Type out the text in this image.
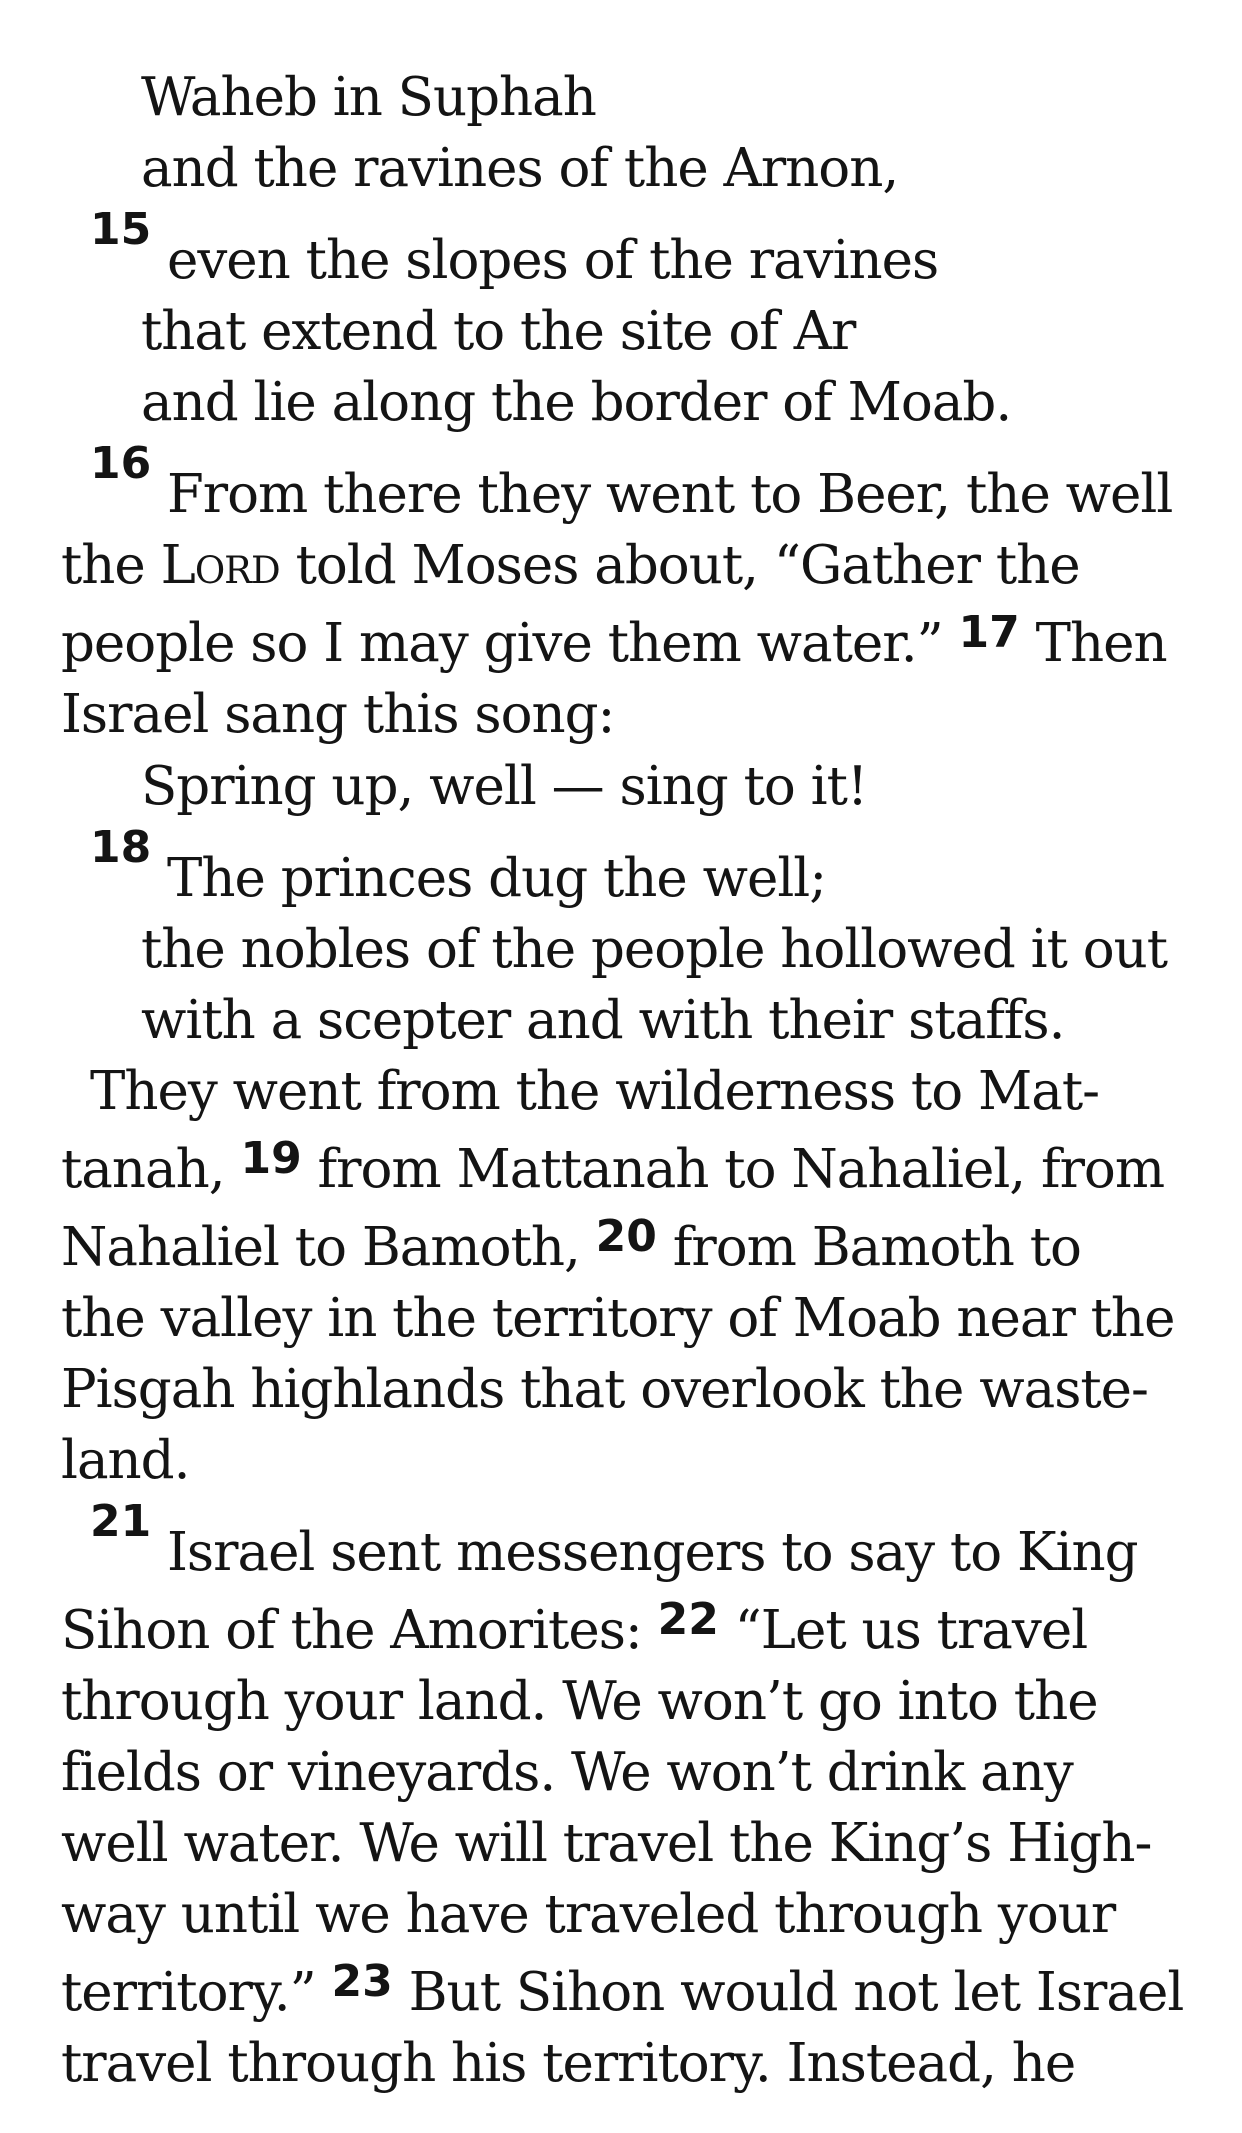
Waheb in Suphah
and the ravines of the Arnon,
15
even the slopes of the ravines
that extend to the site of Ar
and lie along the border of Moab.
16
From there they went to Beer, the well
the Lord told Moses about, “Gather the
people so I may give them water.” $^{17}$ Then
Israel sang this song:
Spring up, well — sing to it!
18
The princes dug the well;
the nobles of the people hollowed it out
with a scepter and with their staffs.
They went from the wilderness to Mat-
tanah, $^{19}$ from Mattanah to Nahaliel, from
Nahaliel to Bamoth, $^{20}$ from Bamoth to
the valley in the territory of Moab near the
Pisgah highlands that overlook the waste-
land.
21
Israel sent messengers to say to King
Sihon of the Amorites: $^{22}$ “Let us travel
through your land. We won’t go into the
fields or vineyards. We won’t drink any
well water. We will travel the King’s High-
way until we have traveled through your
territory.” $^{23}$ But Sihon would not let Israel
travel through his territory. Instead, he
